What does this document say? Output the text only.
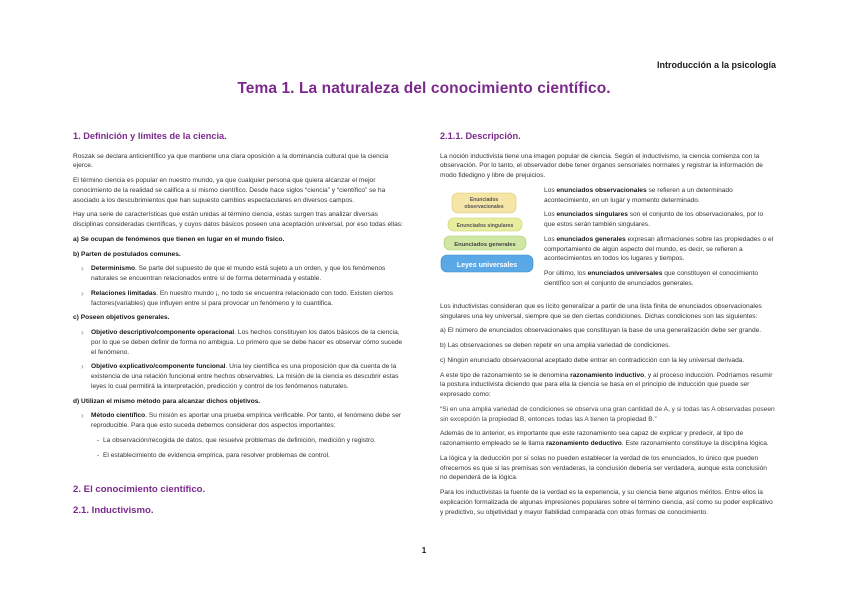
Introducción a la psicología
Tema 1. La naturaleza del conocimiento científico.
1. Definición y límites de la ciencia.

Roszak se declara anticientífico ya que mantiene una clara oposición a la dominancia cultural que la ciencia ejerce.

El término ciencia es popular en nuestro mundo, ya que cualquier persona que quiera alcanzar el mejor conocimiento de la realidad se califica a sí mismo científico. Desde hace siglos “ciencia” y “científico” se ha asociado a los descubrimientos que han supuesto cambios espectaculares en diversos campos.

Hay una serie de características que están unidas al término ciencia, estas surgen tras analizar diversas disciplinas consideradas científicas, y cuyos datos básicos poseen una aceptación universal, por eso todas ellas:

a) Se ocupan de fenómenos que tienen en lugar en el mundo físico.

b) Parten de postulados comunes.

› Determinismo. Se parte del supuesto de que el mundo está sujeto a un orden, y que los fenómenos naturales se encuentran relacionados entre sí de forma determinada y estable.

› Relaciones limitadas. En nuestro mundo ¡, no todo se encuentra relacionado con todo. Existen ciertos factores(variables) que influyen entre sí para provocar un fenómeno y lo cuantifica.

c) Poseen objetivos generales.

› Objetivo descriptivo/componente operacional. Los hechos constituyen los datos básicos de la ciencia, por lo que se deben definir de forma no ambigua. Lo primero que se debe hacer es observar cómo sucede el fenómeno.

› Objetivo explicativo/componente funcional. Una ley científica es una proposición que da cuenta de la existencia de una relación funcional entre hechos observables. La misión de la ciencia es descubrir estas leyes lo cual permitirá la interpretación, predicción y control de los fenómenos naturales.

d) Utilizan el mismo método para alcanzar dichos objetivos.

› Método científico. Su misión es aportar una prueba empírica verificable. Por tanto, el fenómeno debe ser reproducible. Para que esto suceda debemos considerar dos aspectos importantes:

- La observación/recogida de datos, que resuelve problemas de definición, medición y registro.

- El establecimiento de evidencia empírica, para resolver problemas de control.

2. El conocimiento científico.
2.1. Inductivismo.
2.1.1. Descripción.

La noción inductivista tiene una imagen popular de ciencia. Según el inductivismo, la ciencia comienza con la observación. Por lo tanto, el observador debe tener órganos sensoriales normales y registrar la información de modo fidedigno y libre de prejuicios.

Enunciados
observacionales
Enunciados singulares
Enunciados generales
Leyes universales

Los enunciados observacionales se refieren a un determinado acontecimiento, en un lugar y momento determinado.

Los enunciados singulares son el conjunto de los observacionales, por lo que estos serán también singulares.

Los enunciados generales expresan afirmaciones sobre las propiedades o el comportamiento de algún aspecto del mundo, es decir, se refieren a acontecimientos en todos los lugares y tiempos.

Por último, los enunciados universales que constituyen el conocimiento científico son el conjunto de enunciados generales.

Los inductivistas consideran que es lícito generalizar a partir de una lista finita de enunciados observacionales singulares una ley universal, siempre que se den ciertas condiciones. Dichas condiciones son las siguientes:

a) El número de enunciados observacionales que constituyan la base de una generalización debe ser grande.

b) Las observaciones se deben repetir en una amplia variedad de condiciones.

c) Ningún enunciado observacional aceptado debe entrar en contradicción con la ley universal derivada.

A este tipo de razonamiento se le denomina razonamiento inductivo, y al proceso inducción. Podríamos resumir la postura inductivista diciendo que para ella la ciencia se basa en el principio de inducción que puede ser expresado como:

“Si en una amplia variedad de condiciones se observa una gran cantidad de A, y si todas las A observadas poseen sin excepción la propiedad B, entonces todas las A tienen la propiedad B.”

Además de lo anterior, es importante que este razonamiento sea capaz de explicar y predecir, al tipo de razonamiento empleado se le llama razonamiento deductivo. Este razonamiento constituye la disciplina lógica.

La lógica y la deducción por sí solas no pueden establecer la verdad de los enunciados, lo único que pueden ofrecernos es que si las premisas son verdaderas, la conclusión debería ser verdadera, aunque esta conclusión no dependerá de la lógica.

Para los inductivistas la fuente de la verdad es la experiencia, y su ciencia tiene algunos méritos. Entre ellos la explicación formalizada de algunas impresiones populares sobre el término ciencia, así como su poder explicativo y predictivo, su objetividad y mayor fiabilidad comparada con otras formas de conocimiento.

1
